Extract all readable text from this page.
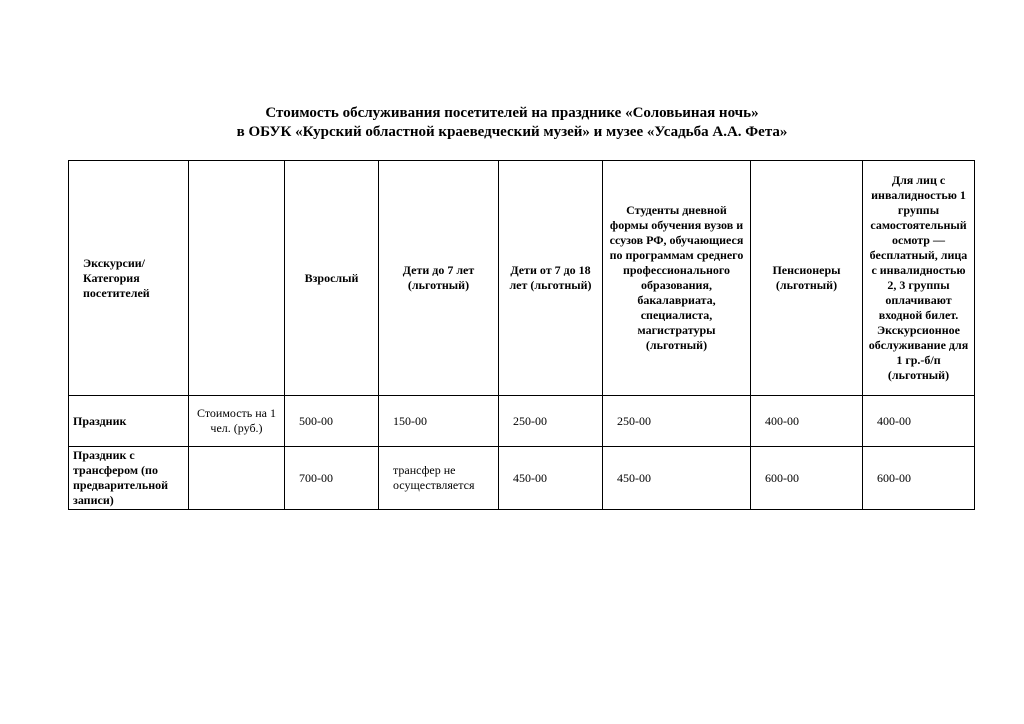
Стоимость обслуживания посетителей на празднике «Соловьиная ночь»
в ОБУК «Курский областной краеведческий музей» и музее «Усадьба А.А. Фета»
Экскурсии/ Категория посетителей		Взрослый	Дети до 7 лет (льготный)	Дети от 7 до 18 лет (льготный)	Студенты дневной формы обучения вузов и ссузов РФ, обучающиеся по программам среднего профессионального образования, бакалавриата, специалиста, магистратуры (льготный)	Пенсионеры (льготный)	Для лиц с инвалидностью 1 группы самостоятельный осмотр — бесплатный, лица с инвалидностью 2, 3 группы оплачивают входной билет. Экскурсионное обслуживание для 1 гр.-б/п (льготный)
Праздник	Стоимость на 1 чел. (руб.)	500-00	150-00	250-00	250-00	400-00	400-00
Праздник с трансфером (по предварительной записи)		700-00	трансфер не осуществляется	450-00	450-00	600-00	600-00
